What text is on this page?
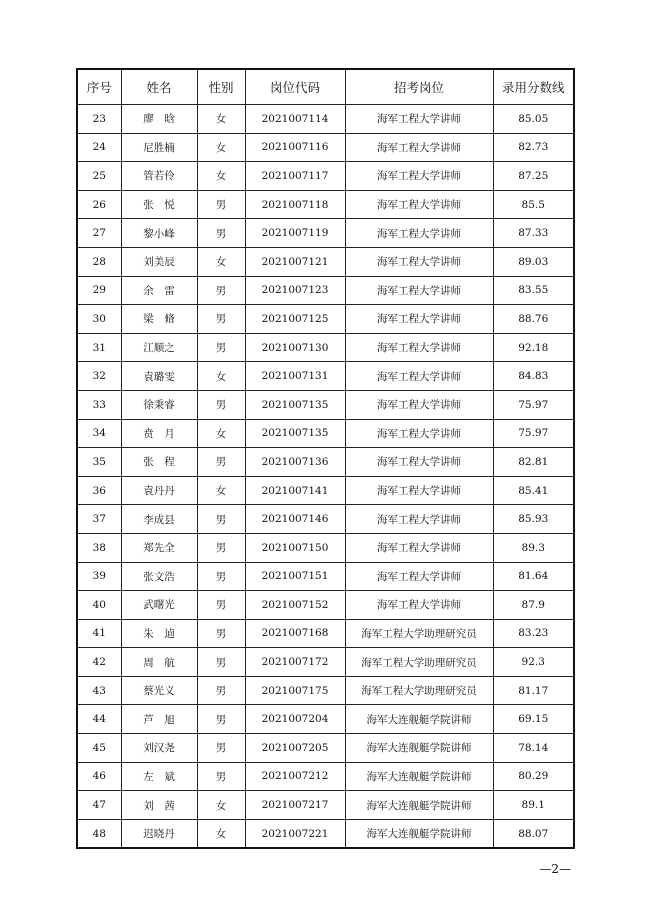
序号	姓名	性别	岗位代码	招考岗位	录用分数线
23	廖　晗	女	2021007114	海军工程大学讲师	85.05
24	尼胜楠	女	2021007116	海军工程大学讲师	82.73
25	管若伶	女	2021007117	海军工程大学讲师	87.25
26	张　悦	男	2021007118	海军工程大学讲师	85.5
27	黎小峰	男	2021007119	海军工程大学讲师	87.33
28	刘美辰	女	2021007121	海军工程大学讲师	89.03
29	余　雷	男	2021007123	海军工程大学讲师	83.55
30	梁　脩	男	2021007125	海军工程大学讲师	88.76
31	江顺之	男	2021007130	海军工程大学讲师	92.18
32	袁璐雯	女	2021007131	海军工程大学讲师	84.83
33	徐秉睿	男	2021007135	海军工程大学讲师	75.97
34	贲　月	女	2021007135	海军工程大学讲师	75.97
35	张　程	男	2021007136	海军工程大学讲师	82.81
36	袁丹丹	女	2021007141	海军工程大学讲师	85.41
37	李成县	男	2021007146	海军工程大学讲师	85.93
38	郑先全	男	2021007150	海军工程大学讲师	89.3
39	张文浩	男	2021007151	海军工程大学讲师	81.64
40	武曙光	男	2021007152	海军工程大学讲师	87.9
41	朱　逌	男	2021007168	海军工程大学助理研究员	83.23
42	周　航	男	2021007172	海军工程大学助理研究员	92.3
43	蔡光义	男	2021007175	海军工程大学助理研究员	81.17
44	芦　旭	男	2021007204	海军大连舰艇学院讲师	69.15
45	刘汉尧	男	2021007205	海军大连舰艇学院讲师	78.14
46	左　斌	男	2021007212	海军大连舰艇学院讲师	80.29
47	刘　茜	女	2021007217	海军大连舰艇学院讲师	89.1
48	迟晓丹	女	2021007221	海军大连舰艇学院讲师	88.07
—2—
